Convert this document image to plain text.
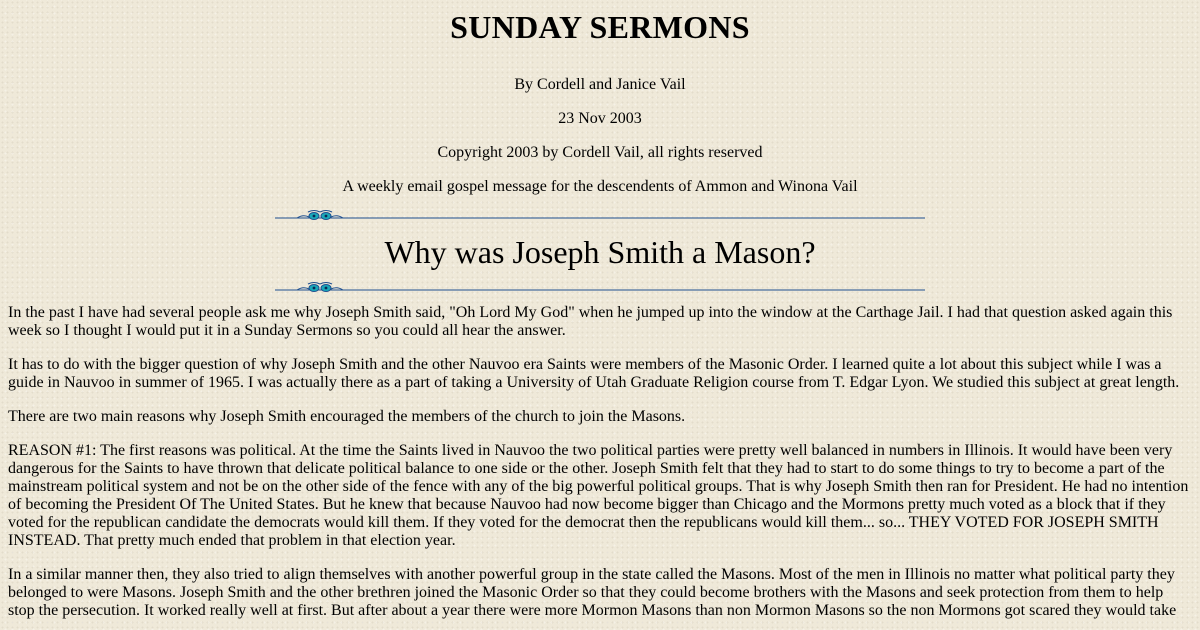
SUNDAY SERMONS

By Cordell and Janice Vail

23 Nov 2003

Copyright 2003 by Cordell Vail, all rights reserved

A weekly email gospel message for the descendents of Ammon and Winona Vail

Why was Joseph Smith a Mason?

In the past I have had several people ask me why Joseph Smith said, "Oh Lord My God" when he jumped up into the window at the Carthage Jail. I had that question asked again this week so I thought I would put it in a Sunday Sermons so you could all hear the answer.

It has to do with the bigger question of why Joseph Smith and the other Nauvoo era Saints were members of the Masonic Order. I learned quite a lot about this subject while I was a guide in Nauvoo in summer of 1965. I was actually there as a part of taking a University of Utah Graduate Religion course from T. Edgar Lyon. We studied this subject at great length.

There are two main reasons why Joseph Smith encouraged the members of the church to join the Masons.

REASON #1: The first reasons was political. At the time the Saints lived in Nauvoo the two political parties were pretty well balanced in numbers in Illinois. It would have been very dangerous for the Saints to have thrown that delicate political balance to one side or the other. Joseph Smith felt that they had to start to do some things to try to become a part of the mainstream political system and not be on the other side of the fence with any of the big powerful political groups. That is why Joseph Smith then ran for President. He had no intention of becoming the President Of The United States. But he knew that because Nauvoo had now become bigger than Chicago and the Mormons pretty much voted as a block that if they voted for the republican candidate the democrats would kill them. If they voted for the democrat then the republicans would kill them... so... THEY VOTED FOR JOSEPH SMITH INSTEAD. That pretty much ended that problem in that election year.

In a similar manner then, they also tried to align themselves with another powerful group in the state called the Masons. Most of the men in Illinois no matter what political party they belonged to were Masons. Joseph Smith and the other brethren joined the Masonic Order so that they could become brothers with the Masons and seek protection from them to help stop the persecution. It worked really well at first. But after about a year there were more Mormon Masons than non Mormon Masons so the non Mormons got scared they would take
